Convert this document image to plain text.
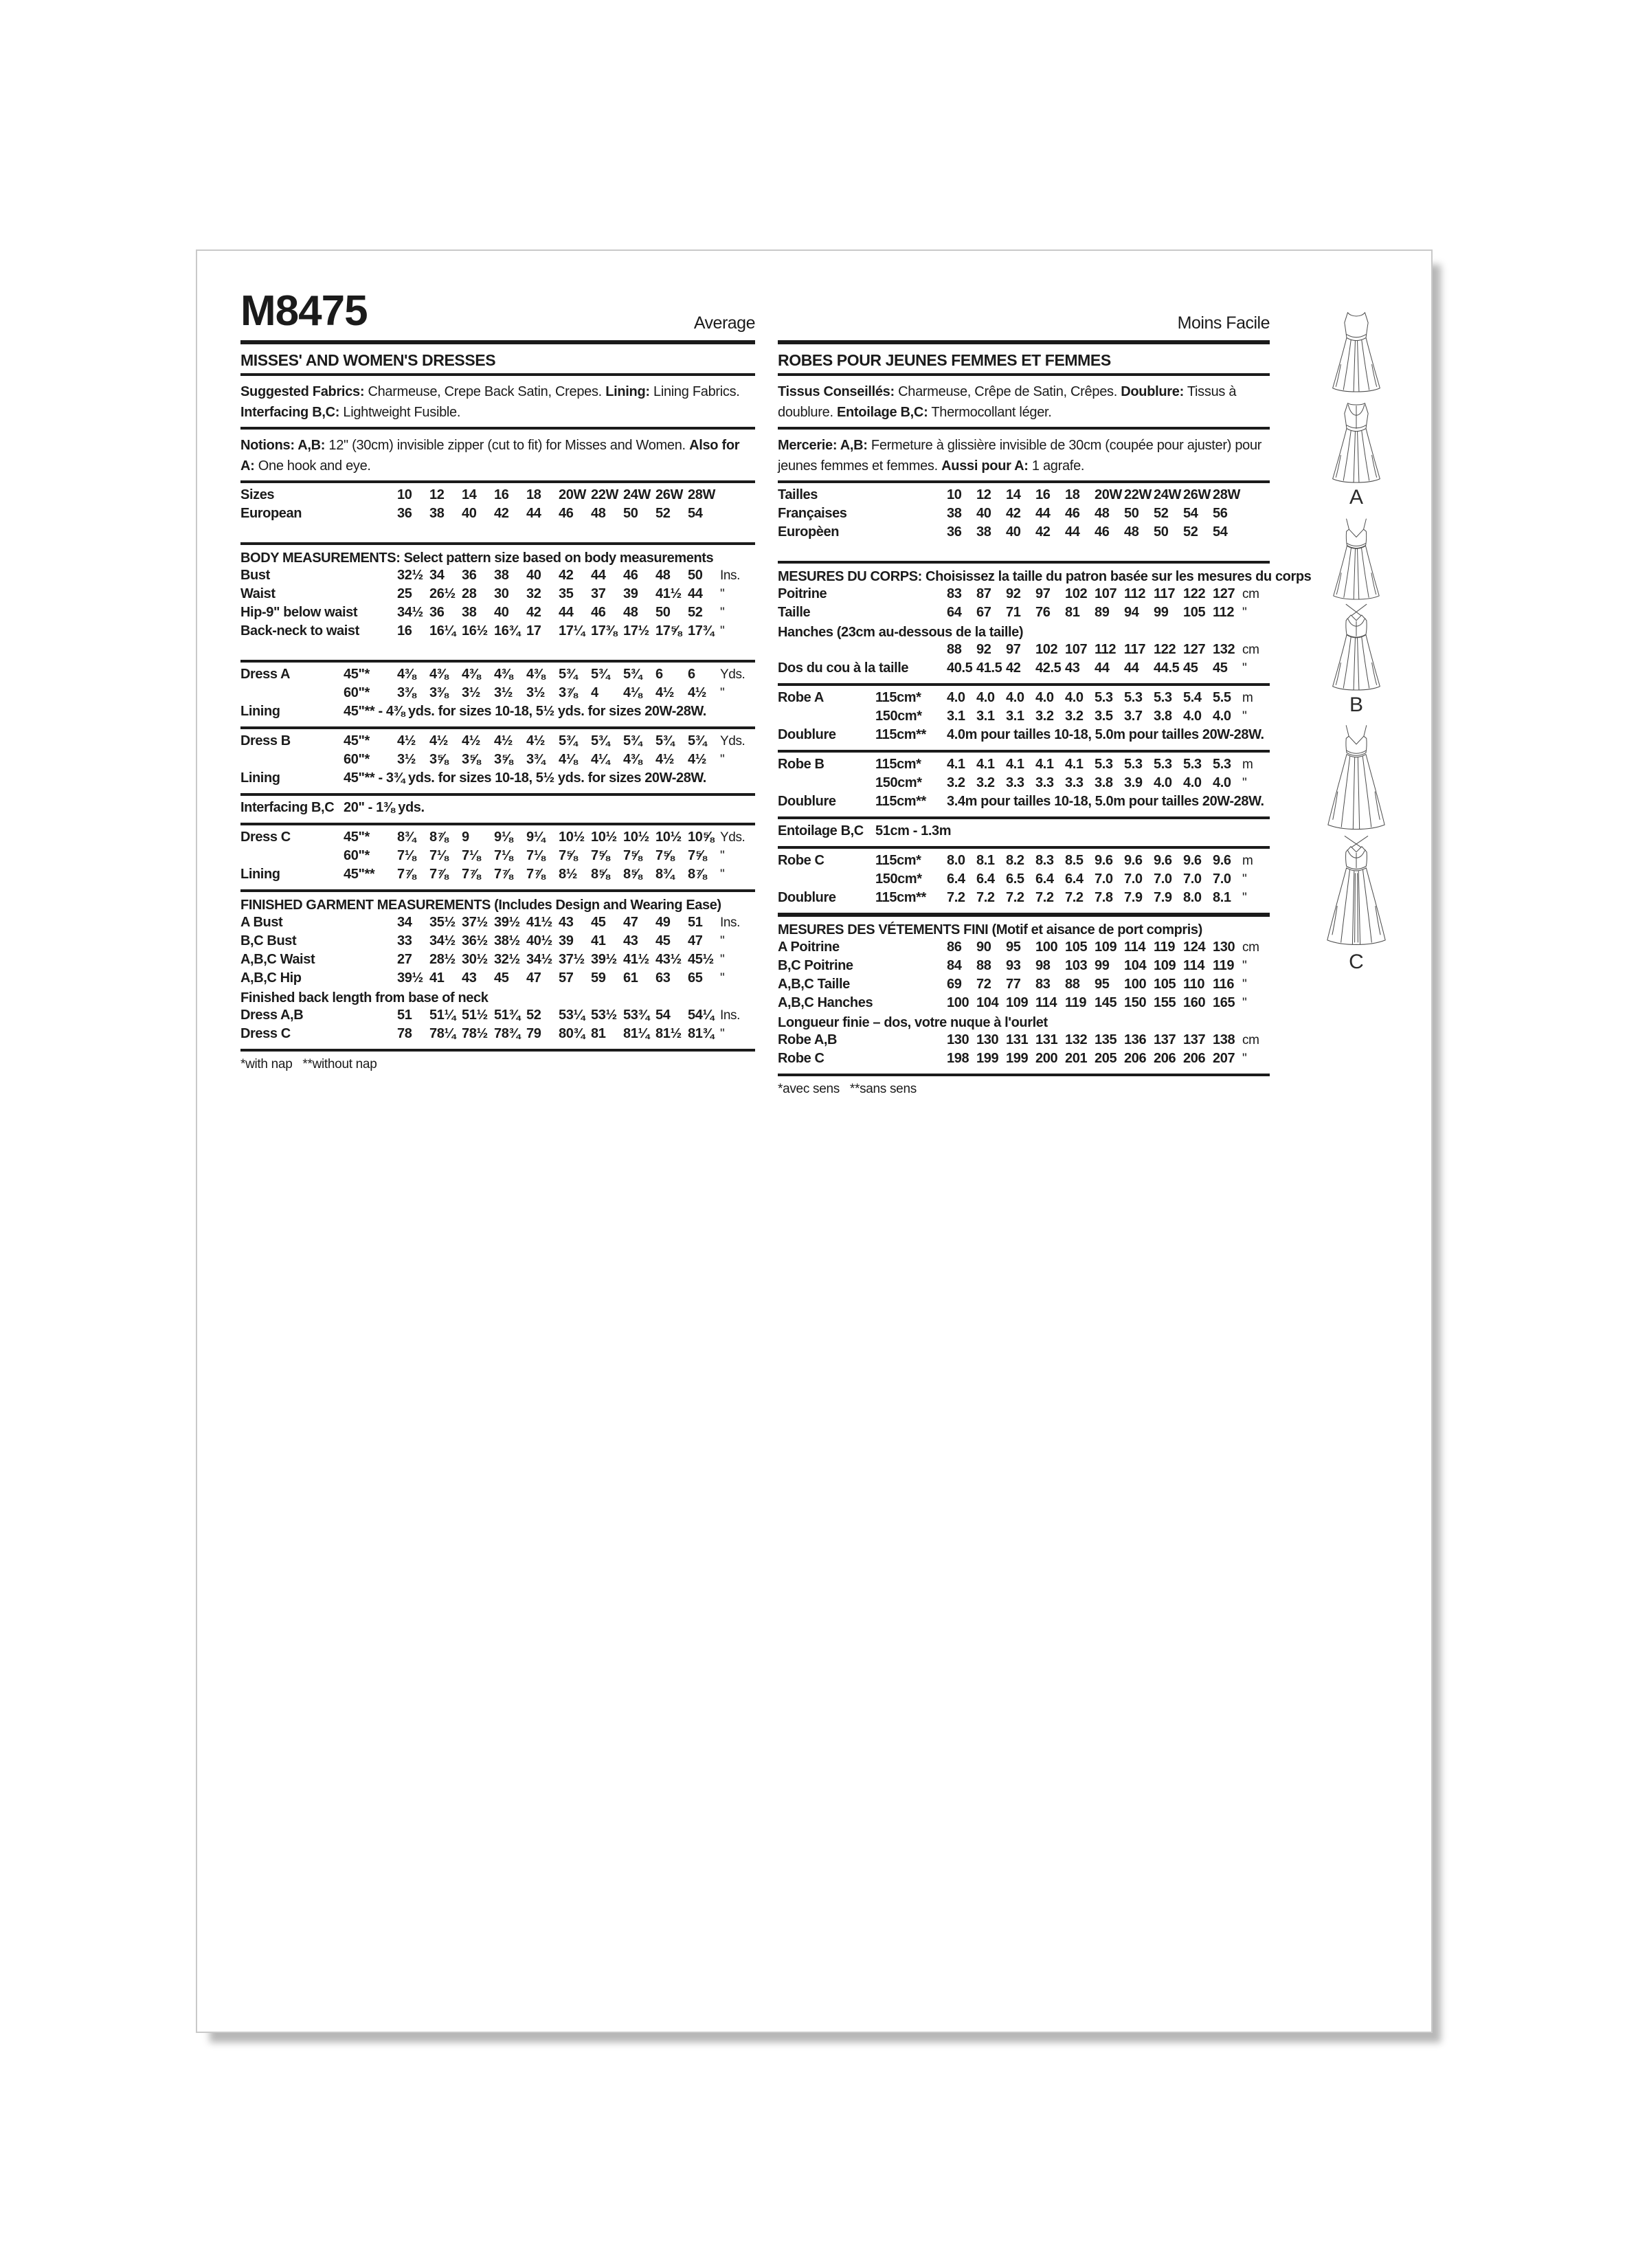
M8475	Average
MISSES' AND WOMEN'S DRESSES

Suggested Fabrics: Charmeuse, Crepe Back Satin, Crepes. Lining: Lining Fabrics. Interfacing B,C: Lightweight Fusible.

Notions: A,B: 12" (30cm) invisible zipper (cut to fit) for Misses and Women. Also for A: One hook and eye.

Sizes	10	12	14	16	18	20W 22W 24W 26W 28W
European	36	38	40	42	44	46	48	50	52	54
BODY MEASUREMENTS: Select pattern size based on body measurements
Bust	32½ 34	36	38	40	42	44	46	48	50	Ins.
Waist	25	26½ 28	30	32	35	37	39	41½ 44	"
Hip-9" below waist	34½ 36	38	40	42	44	46	48	50	52	"
Back-neck to waist	16	16¼ 16½ 16¾ 17	17¼ 17⅜ 17½ 17⅝ 17¾ "
Dress A	45"*	4⅜ 4⅜ 4⅜ 4⅜ 4⅜ 5¾ 5¾ 5¾ 6	6	Yds.
60"*	3⅜ 3⅜ 3½ 3½ 3½ 3⅞ 4	4⅛ 4½ 4½	"
Lining	45"** - 4⅜ yds. for sizes 10-18, 5½ yds. for sizes 20W-28W.
Dress B	45"*	4½ 4½ 4½ 4½ 4½ 5¾ 5¾ 5¾ 5¾ 5¾	Yds.
60"*	3½ 3⅝ 3⅝ 3⅝ 3¾ 4⅛ 4¼ 4⅜ 4½ 4½	"
Lining	45"** - 3¾ yds. for sizes 10-18, 5½ yds. for sizes 20W-28W.
Interfacing B,C 20" - 1⅜ yds.
Dress C	45"*	8¾ 8⅞ 9	9⅛ 9¼ 10½ 10½ 10½ 10½ 10⅝ Yds.
60"*	7⅛ 7⅛ 7⅛ 7⅛ 7⅛ 7⅝ 7⅝ 7⅝ 7⅝ 7⅝	"
Lining	45"**	7⅞ 7⅞ 7⅞ 7⅞ 7⅞ 8½ 8⅝ 8⅝ 8¾ 8⅞	"
FINISHED GARMENT MEASUREMENTS (Includes Design and Wearing Ease)
A Bust	34	35½ 37½ 39½ 41½ 43	45	47	49	51	Ins.
B,C Bust	33	34½ 36½ 38½ 40½ 39	41	43	45	47	"
A,B,C Waist	27	28½ 30½ 32½ 34½ 37½ 39½ 41½ 43½ 45½ "
A,B,C Hip	39½ 41	43	45	47	57	59	61	63	65	"
Finished back length from base of neck
Dress A,B	51	51¼ 51½ 51¾ 52	53¼ 53½ 53¾ 54	54¼ Ins.
Dress C	78	78¼ 78½ 78¾ 79	80¾ 81	81¼ 81½ 81¾ "
*with nap   **without nap
Moins Facile
ROBES POUR JEUNES FEMMES ET FEMMES

Tissus Conseillés: Charmeuse, Crêpe de Satin, Crêpes. Doublure: Tissus à doublure. Entoilage B,C: Thermocollant léger.

Mercerie: A,B: Fermeture à glissière invisible de 30cm (coupée pour ajuster) pour jeunes femmes et femmes. Aussi pour A: 1 agrafe.

Tailles	10	12	14	16	18	20W 22W 24W 26W 28W
Françaises	38	40	42	44	46	48	50	52	54	56
Europèen	36	38	40	42	44	46	48	50	52	54
MESURES DU CORPS: Choisissez la taille du patron basée sur les mesures du corps
Poitrine	83	87	92	97	102 107 112 117 122 127 cm
Taille	64	67	71	76	81	89	94	99	105 112 "
Hanches (23cm au-dessous de la taille)
88	92	97	102 107 112 117 122 127 132 cm
Dos du cou à la taille	40.5 41.5 42	42.5 43	44	44	44.5 45	45	"
Robe A	115cm*	4.0 4.0 4.0 4.0 4.0 5.3 5.3 5.3 5.4 5.5 m
150cm*	3.1 3.1 3.1 3.2 3.2 3.5 3.7 3.8 4.0 4.0 "
Doublure	115cm**	4.0m pour tailles 10-18, 5.0m pour tailles 20W-28W.
Robe B	115cm*	4.1 4.1 4.1 4.1 4.1 5.3 5.3 5.3 5.3 5.3 m
150cm*	3.2 3.2 3.3 3.3 3.3 3.8 3.9 4.0 4.0 4.0 "
Doublure	115cm**	3.4m pour tailles 10-18, 5.0m pour tailles 20W-28W.
Entoilage B,C 51cm - 1.3m
Robe C	115cm*	8.0 8.1 8.2 8.3 8.5 9.6 9.6 9.6 9.6 9.6 m
150cm*	6.4 6.4 6.5 6.4 6.4 7.0 7.0 7.0 7.0 7.0 "
Doublure	115cm**	7.2 7.2 7.2 7.2 7.2 7.8 7.9 7.9 8.0 8.1 "
MESURES DES VÉTEMENTS FINI (Motif et aisance de port compris)
A Poitrine	86	90	95	100 105 109 114 119 124 130 cm
B,C Poitrine	84	88	93	98	103 99	104 109 114 119 "
A,B,C Taille	69	72	77	83	88	95	100 105 110 116 "
A,B,C Hanches	100 104 109 114 119 145 150 155 160 165 "
Longueur finie – dos, votre nuque à l'ourlet
Robe A,B	130 130 131 131 132 135 136 137 137 138 cm
Robe C	198 199 199 200 201 205 206 206 206 207 "
*avec sens   **sans sens
A
B
C
